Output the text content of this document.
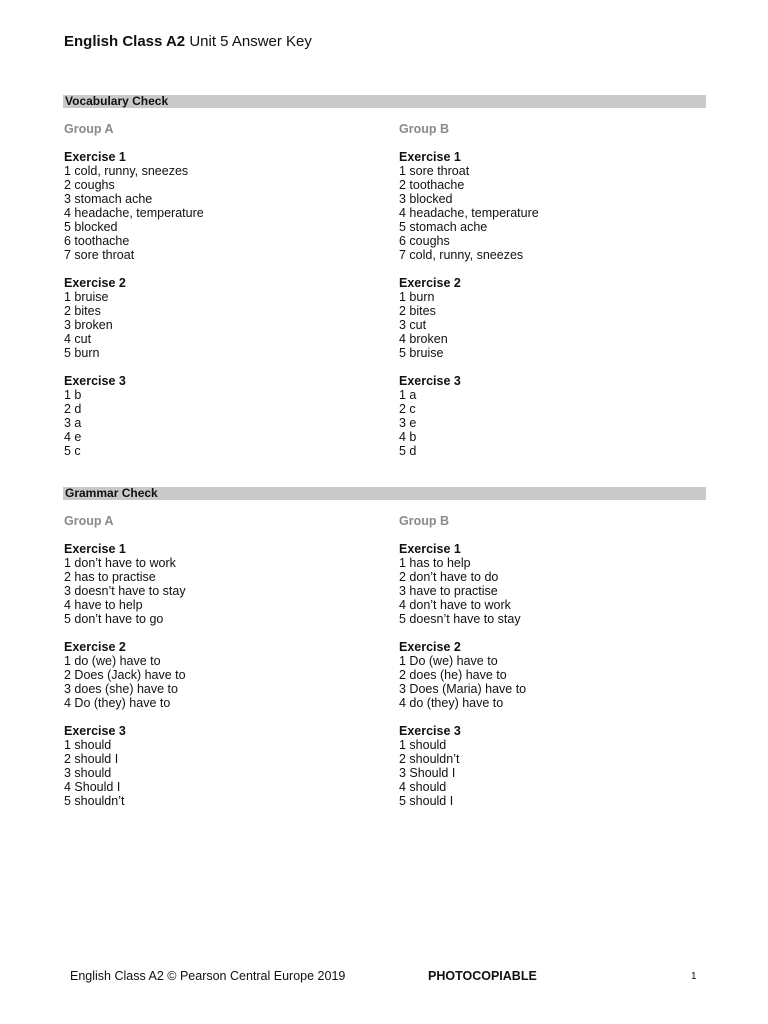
English Class A2 Unit 5 Answer Key
Vocabulary Check
Group A
Exercise 1
1 cold, runny, sneezes
2 coughs
3 stomach ache
4 headache, temperature
5 blocked
6 toothache
7 sore throat
Exercise 2
1 bruise
2 bites
3 broken
4 cut
5 burn
Exercise 3
1 b
2 d
3 a
4 e
5 c
Group B
Exercise 1
1 sore throat
2 toothache
3 blocked
4 headache, temperature
5 stomach ache
6 coughs
7 cold, runny, sneezes
Exercise 2
1 burn
2 bites
3 cut
4 broken
5 bruise
Exercise 3
1 a
2 c
3 e
4 b
5 d
Grammar Check
Group A
Exercise 1
1 don’t have to work
2 has to practise
3 doesn’t have to stay
4 have to help
5 don’t have to go
Exercise 2
1 do (we) have to
2 Does (Jack) have to
3 does (she) have to
4 Do (they) have to
Exercise 3
1 should
2 should I
3 should
4 Should I
5 shouldn’t
Group B
Exercise 1
1 has to help
2 don’t have to do
3 have to practise
4 don’t have to work
5 doesn’t have to stay
Exercise 2
1 Do (we) have to
2 does (he) have to
3 Does (Maria) have to
4 do (they) have to
Exercise 3
1 should
2 shouldn’t
3 Should I
4 should
5 should I
English Class A2 © Pearson Central Europe 2019	PHOTOCOPIABLE	1
